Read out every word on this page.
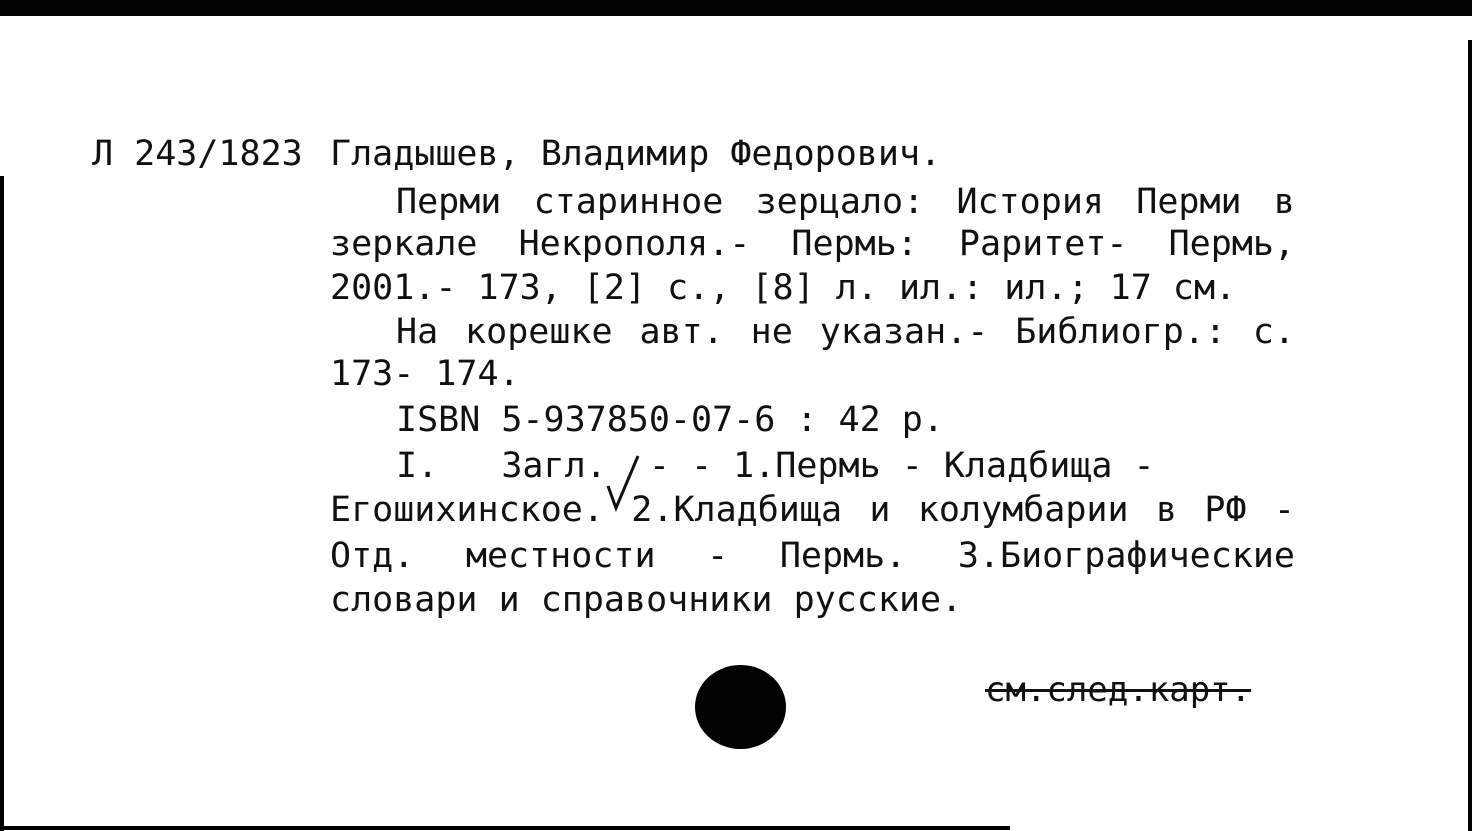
Л 243/1823 Гладышев, Владимир Федорович.
Перми старинное зерцало: История Перми в
зеркале Некрополя.- Пермь: Раритет- Пермь,
2001.- 173, [2] с., [8] л. ил.: ил.; 17 см.
На корешке авт. не указан.- Библиогр.: с.
173- 174.
ISBN 5-937850-07-6 : 42 р.
I.   Загл.  - - 1.Пермь - Кладбища -
Егошихинское. 2.Кладбища и колумбарии в РФ -
Отд. местности - Пермь. 3.Биографические
словари и справочники русские.
см.след.карт.
